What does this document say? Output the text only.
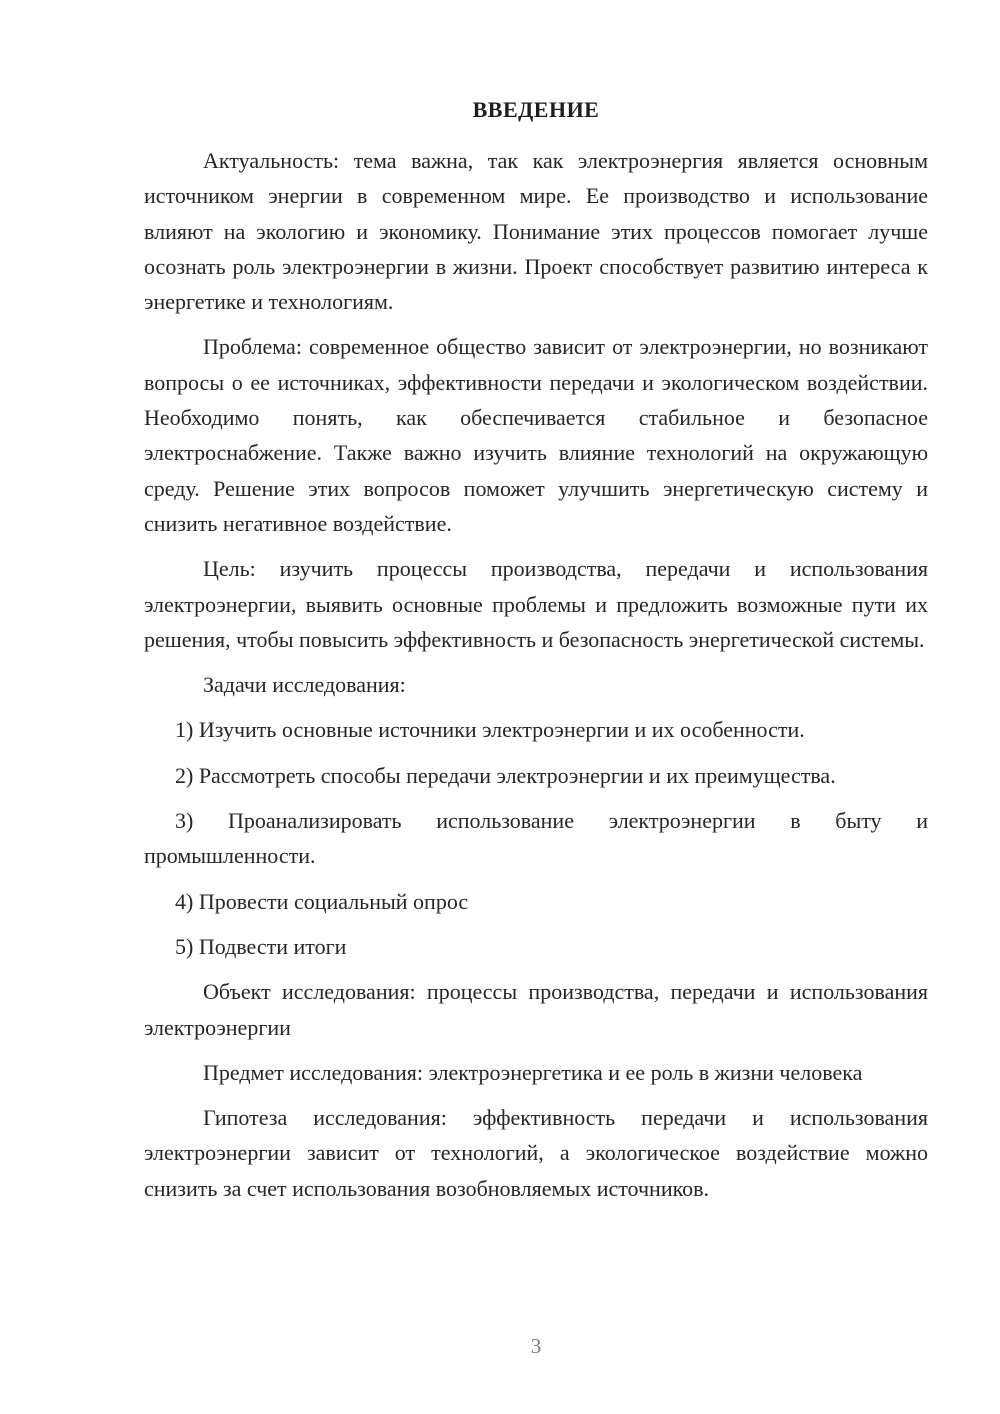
ВВЕДЕНИЕ

Актуальность: тема важна, так как электроэнергия является основным источником энергии в современном мире. Ее производство и использование влияют на экологию и экономику. Понимание этих процессов помогает лучше осознать роль электроэнергии в жизни. Проект способствует развитию интереса к энергетике и технологиям.

Проблема: современное общество зависит от электроэнергии, но возникают вопросы о ее источниках, эффективности передачи и экологическом воздействии. Необходимо понять, как обеспечивается стабильное и безопасное электроснабжение. Также важно изучить влияние технологий на окружающую среду. Решение этих вопросов поможет улучшить энергетическую систему и снизить негативное воздействие.

Цель: изучить процессы производства, передачи и использования электроэнергии, выявить основные проблемы и предложить возможные пути их решения, чтобы повысить эффективность и безопасность энергетической системы.

Задачи исследования:

1) Изучить основные источники электроэнергии и их особенности.

2) Рассмотреть способы передачи электроэнергии и их преимущества.

3) Проанализировать использование электроэнергии в быту и промышленности.

4) Провести социальный опрос

5) Подвести итоги

Объект исследования: процессы производства, передачи и использования электроэнергии

Предмет исследования: электроэнергетика и ее роль в жизни человека

Гипотеза исследования: эффективность передачи и использования электроэнергии зависит от технологий, а экологическое воздействие можно снизить за счет использования возобновляемых источников.

3
